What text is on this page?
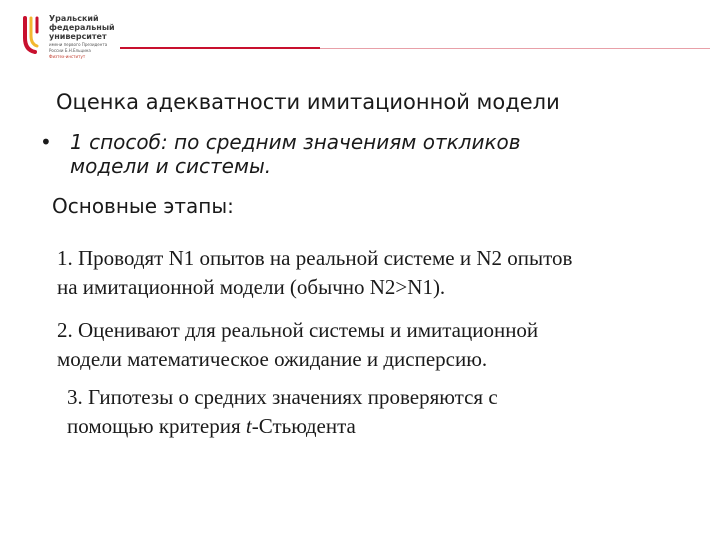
Уральский
федеральный
университет
имени первого Президента
России Б.Н.Ельцина
Физтех-институт
Оценка адекватности имитационной модели
• 1 способ: по средним значениям откликов
модели и системы.
Основные этапы:
1. Проводят N1 опытов на реальной системе и N2 опытов
на имитационной модели (обычно N2>N1).
2. Оценивают для реальной системы и имитационной
модели математическое ожидание и дисперсию.
3. Гипотезы о средних значениях проверяются с
помощью критерия t-Стьюдента
